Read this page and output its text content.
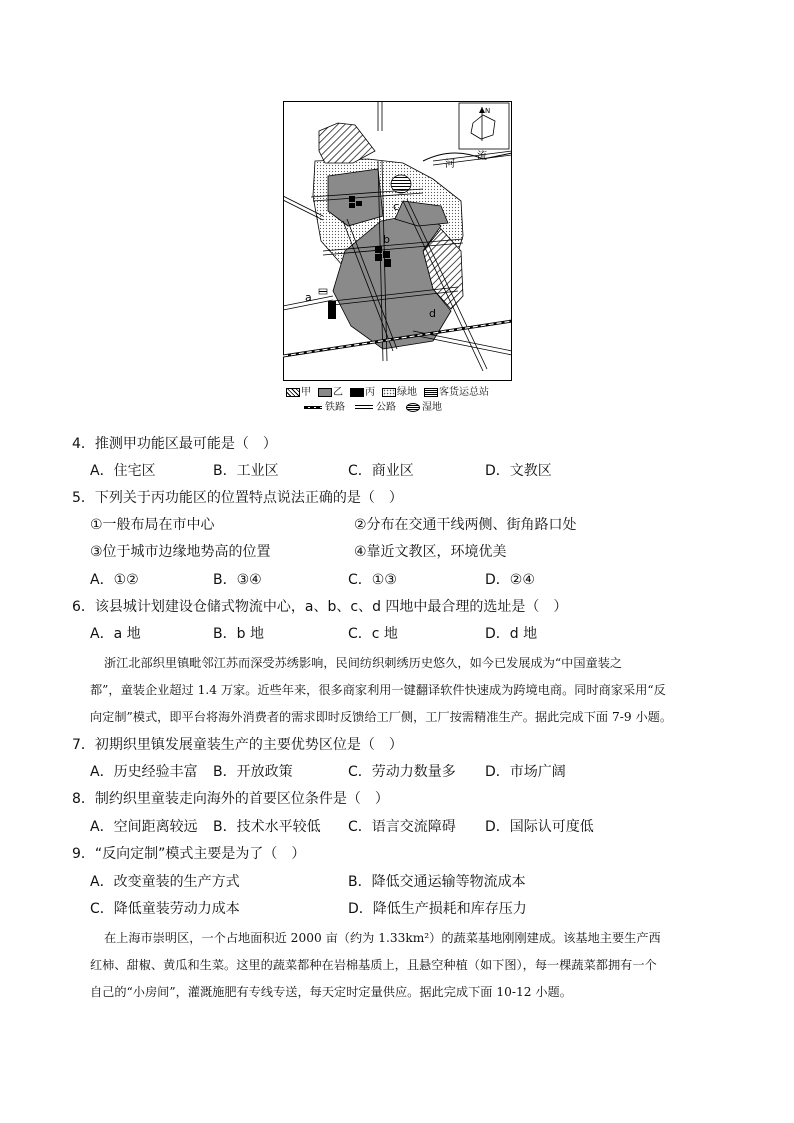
N
河
流
a
b
c
d
甲	乙	丙	绿地	客货运总站
铁路	公路	湿地
4．推测甲功能区最可能是（　）
A．住宅区	B．工业区	C．商业区	D．文教区
5．下列关于丙功能区的位置特点说法正确的是（　）
①一般布局在市中心	②分布在交通干线两侧、街角路口处
③位于城市边缘地势高的位置	④靠近文教区，环境优美
A．①②	B．③④	C．①③	D．②④
6．该县城计划建设仓储式物流中心，a、b、c、d 四地中最合理的选址是（　）
A．a 地	B．b 地	C．c 地	D．d 地
浙江北部织里镇毗邻江苏而深受苏绣影响，民间纺织刺绣历史悠久，如今已发展成为“中国童装之
都”，童装企业超过 1.4 万家。近些年来，很多商家利用一键翻译软件快速成为跨境电商。同时商家采用“反
向定制”模式，即平台将海外消费者的需求即时反馈给工厂侧，工厂按需精准生产。据此完成下面 7-9 小题。
7．初期织里镇发展童装生产的主要优势区位是（　）
A．历史经验丰富 B．开放政策	C．劳动力数量多 D．市场广阔
8．制约织里童装走向海外的首要区位条件是（　）
A．空间距离较远 B．技术水平较低 C．语言交流障碍 D．国际认可度低
9．“反向定制”模式主要是为了（　）
A．改变童装的生产方式	B．降低交通运输等物流成本
C．降低童装劳动力成本	D．降低生产损耗和库存压力
在上海市崇明区，一个占地面积近 2000 亩（约为 1.33km²）的蔬菜基地刚刚建成。该基地主要生产西
红柿、甜椒、黄瓜和生菜。这里的蔬菜都种在岩棉基质上，且悬空种植（如下图），每一棵蔬菜都拥有一个
自己的“小房间”，灌溉施肥有专线专送，每天定时定量供应。据此完成下面 10-12 小题。
